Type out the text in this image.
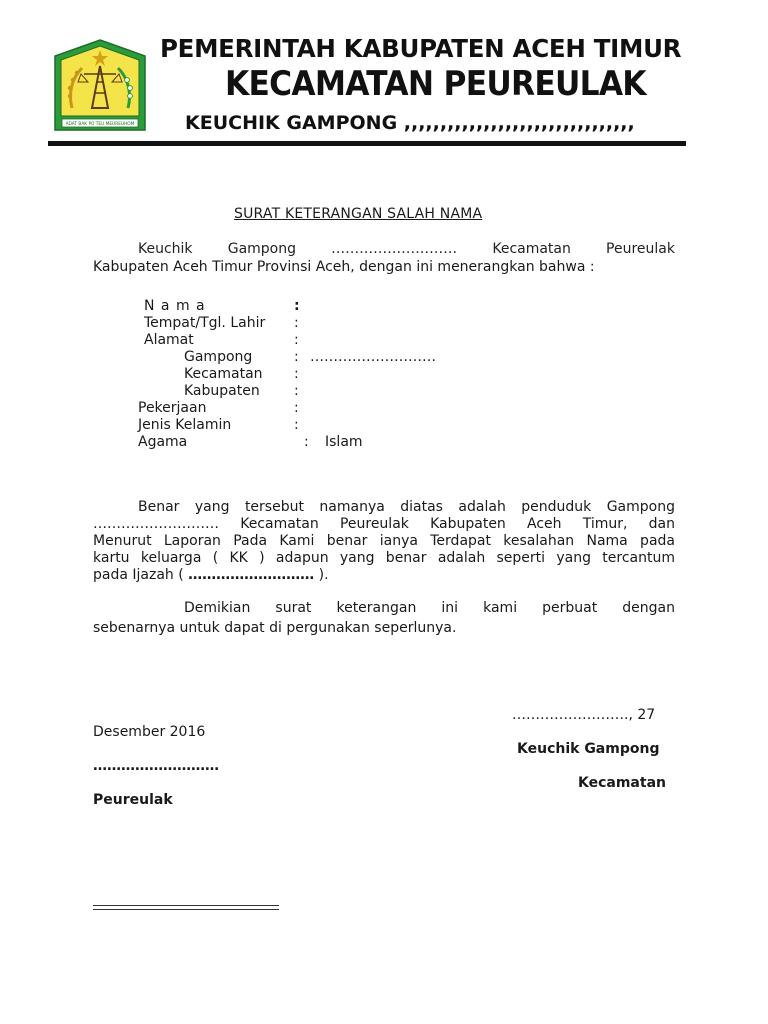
ADAT BAK PO TEU MEUREUHOM
PEMERINTAH KABUPATEN ACEH TIMUR
KECAMATAN PEUREULAK
KEUCHIK GAMPONG ,,,,,,,,,,,,,,,,,,,,,,,,,,,,,,,,
SURAT KETERANGAN SALAH NAMA
Keuchik	Gampong	………………………	Kecamatan	Peureulak
Kabupaten Aceh Timur Provinsi Aceh, dengan ini menerangkan bahwa :
N a m a	:
Tempat/Tgl. Lahir :
Alamat	:
Gampong	: ………………………
Kecamatan :
Kabupaten :
Pekerjaan	:
Jenis Kelamin	:
Agama	: Islam
Benar yang tersebut namanya diatas adalah penduduk Gampong
……………………… Kecamatan Peureulak Kabupaten Aceh Timur, dan
Menurut Laporan Pada Kami benar ianya Terdapat kesalahan Nama pada
kartu keluarga ( KK ) adapun yang benar adalah seperti yang tercantum
pada Ijazah ( ……………………… ).
Demikian surat keterangan ini kami perbuat dengan
sebenarnya untuk dapat di pergunakan seperlunya.
……………………., 27
Desember 2016
Keuchik Gampong
………………………
Kecamatan
Peureulak
